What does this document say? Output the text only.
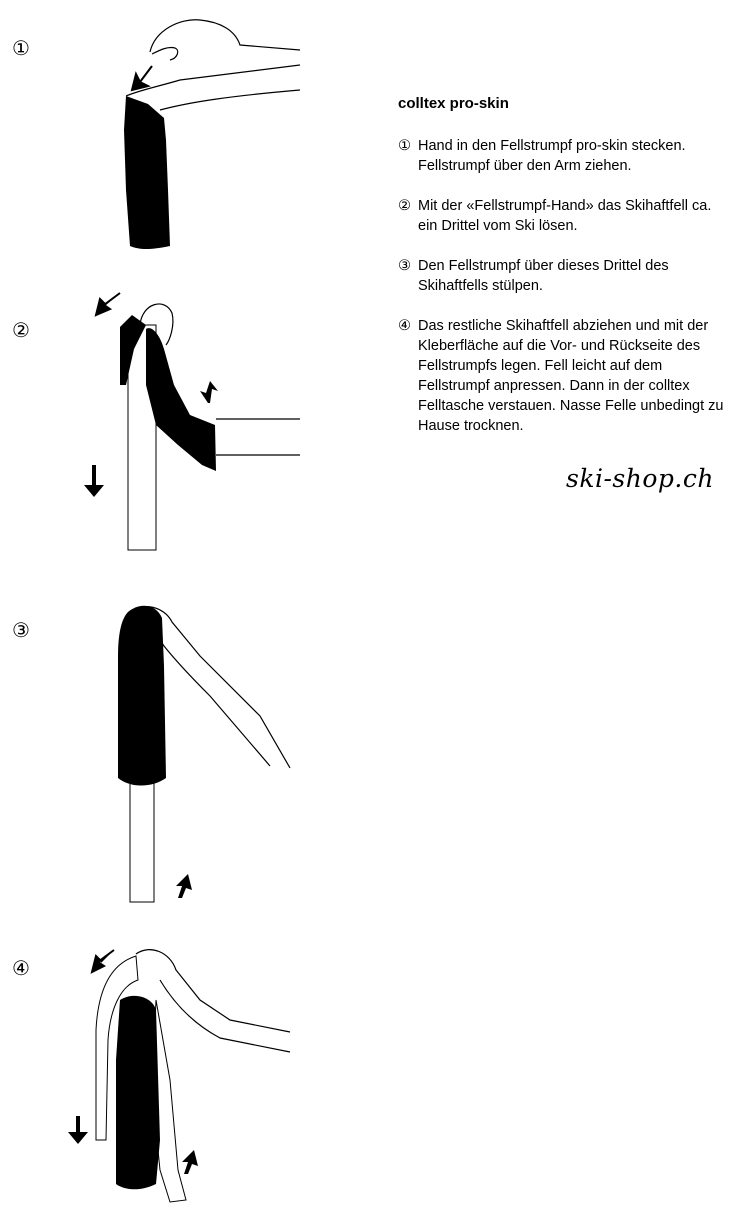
①
②
③
④
colltex pro-skin
① Hand in den Fellstrumpf pro-skin stecken. Fellstrumpf über den Arm ziehen.
② Mit der «Fellstrumpf-Hand» das Skihaftfell ca. ein Drittel vom Ski lösen.
③ Den Fellstrumpf über dieses Drittel des Skihaftfells stülpen.
④ Das restliche Skihaftfell abziehen und mit der Kleberfläche auf die Vor- und Rückseite des Fellstrumpfs legen. Fell leicht auf dem Fellstrumpf anpressen. Dann in der colltex Felltasche verstauen. Nasse Felle unbedingt zu Hause trocknen.
ski-shop.ch
